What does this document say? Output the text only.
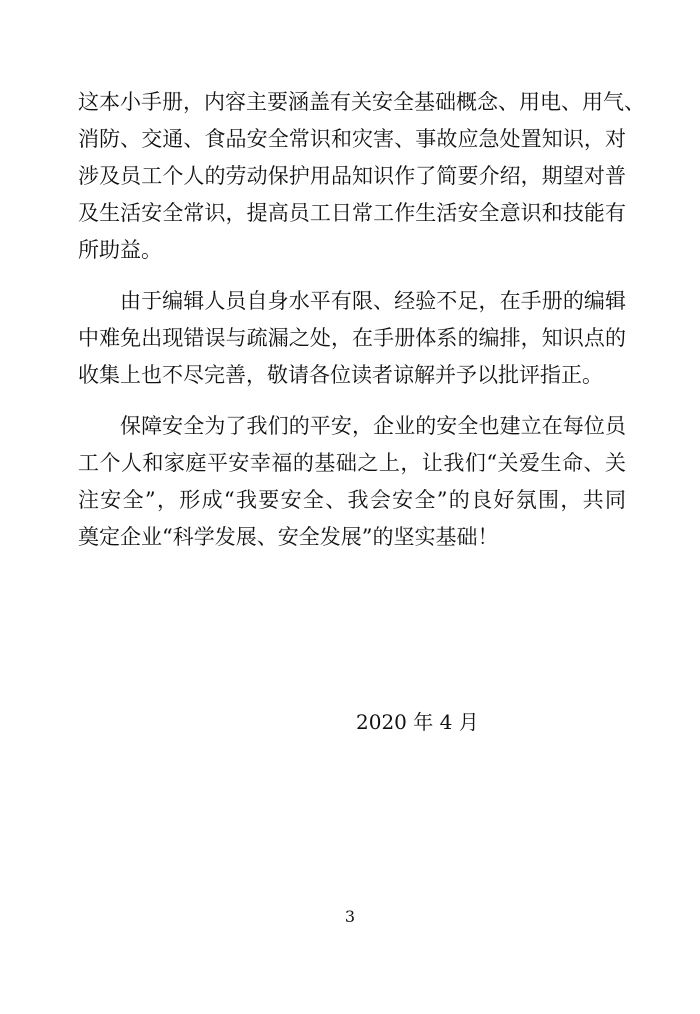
这本小手册，内容主要涵盖有关安全基础概念、用电、用气、
消防、交通、食品安全常识和灾害、事故应急处置知识，对
涉及员工个人的劳动保护用品知识作了简要介绍，期望对普
及生活安全常识，提高员工日常工作生活安全意识和技能有
所助益。
由于编辑人员自身水平有限、经验不足，在手册的编辑
中难免出现错误与疏漏之处，在手册体系的编排，知识点的
收集上也不尽完善，敬请各位读者谅解并予以批评指正。
保障安全为了我们的平安，企业的安全也建立在每位员
工个人和家庭平安幸福的基础之上，让我们“关爱生命、关
注安全”，形成“我要安全、我会安全”的良好氛围，共同
奠定企业“科学发展、安全发展”的坚实基础！
2020 年 4 月
3
